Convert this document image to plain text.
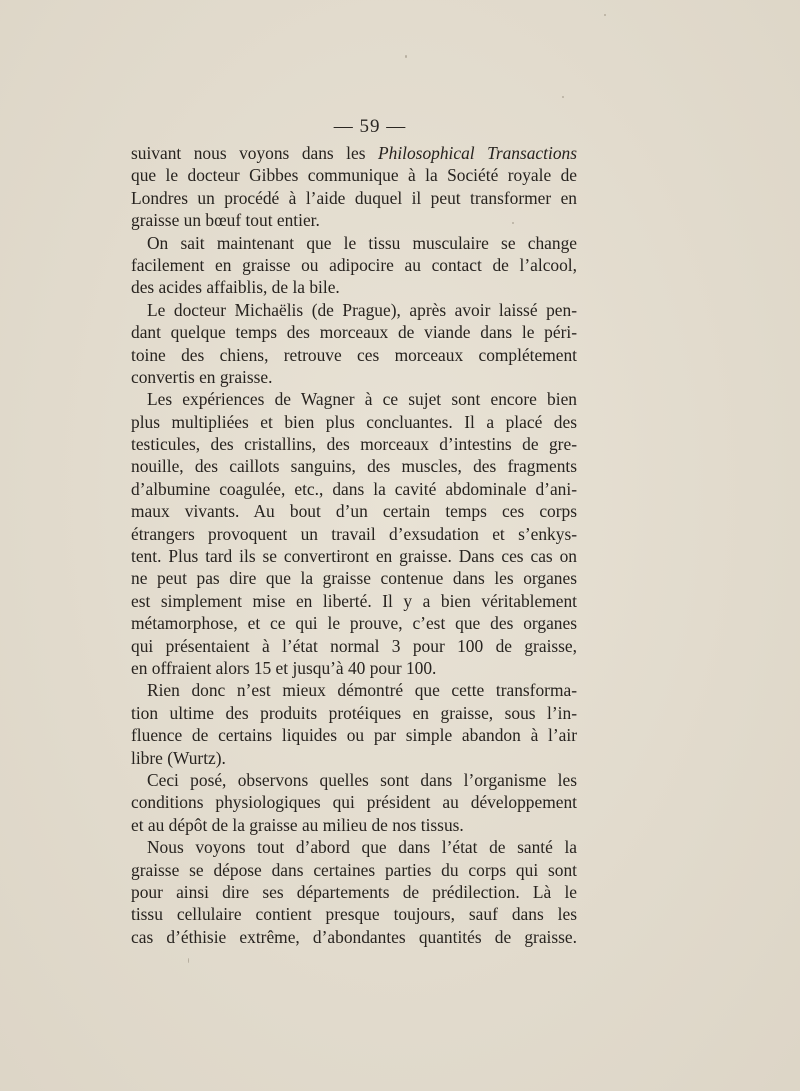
— 59 —
suivant nous voyons dans les Philosophical Transactions
que le docteur Gibbes communique à la Société royale de
Londres un procédé à l’aide duquel il peut transformer en
graisse un bœuf tout entier.
On sait maintenant que le tissu musculaire se change
facilement en graisse ou adipocire au contact de l’alcool,
des acides affaiblis, de la bile.
Le docteur Michaëlis (de Prague), après avoir laissé pen-
dant quelque temps des morceaux de viande dans le péri-
toine des chiens, retrouve ces morceaux complétement
convertis en graisse.
Les expériences de Wagner à ce sujet sont encore bien
plus multipliées et bien plus concluantes. Il a placé des
testicules, des cristallins, des morceaux d’intestins de gre-
nouille, des caillots sanguins, des muscles, des fragments
d’albumine coagulée, etc., dans la cavité abdominale d’ani-
maux vivants. Au bout d’un certain temps ces corps
étrangers provoquent un travail d’exsudation et s’enkys-
tent. Plus tard ils se convertiront en graisse. Dans ces cas on
ne peut pas dire que la graisse contenue dans les organes
est simplement mise en liberté. Il y a bien véritablement
métamorphose, et ce qui le prouve, c’est que des organes
qui présentaient à l’état normal 3 pour 100 de graisse,
en offraient alors 15 et jusqu’à 40 pour 100.
Rien donc n’est mieux démontré que cette transforma-
tion ultime des produits protéiques en graisse, sous l’in-
fluence de certains liquides ou par simple abandon à l’air
libre (Wurtz).
Ceci posé, observons quelles sont dans l’organisme les
conditions physiologiques qui président au développement
et au dépôt de la graisse au milieu de nos tissus.
Nous voyons tout d’abord que dans l’état de santé la
graisse se dépose dans certaines parties du corps qui sont
pour ainsi dire ses départements de prédilection. Là le
tissu cellulaire contient presque toujours, sauf dans les
cas d’éthisie extrême, d’abondantes quantités de graisse.
